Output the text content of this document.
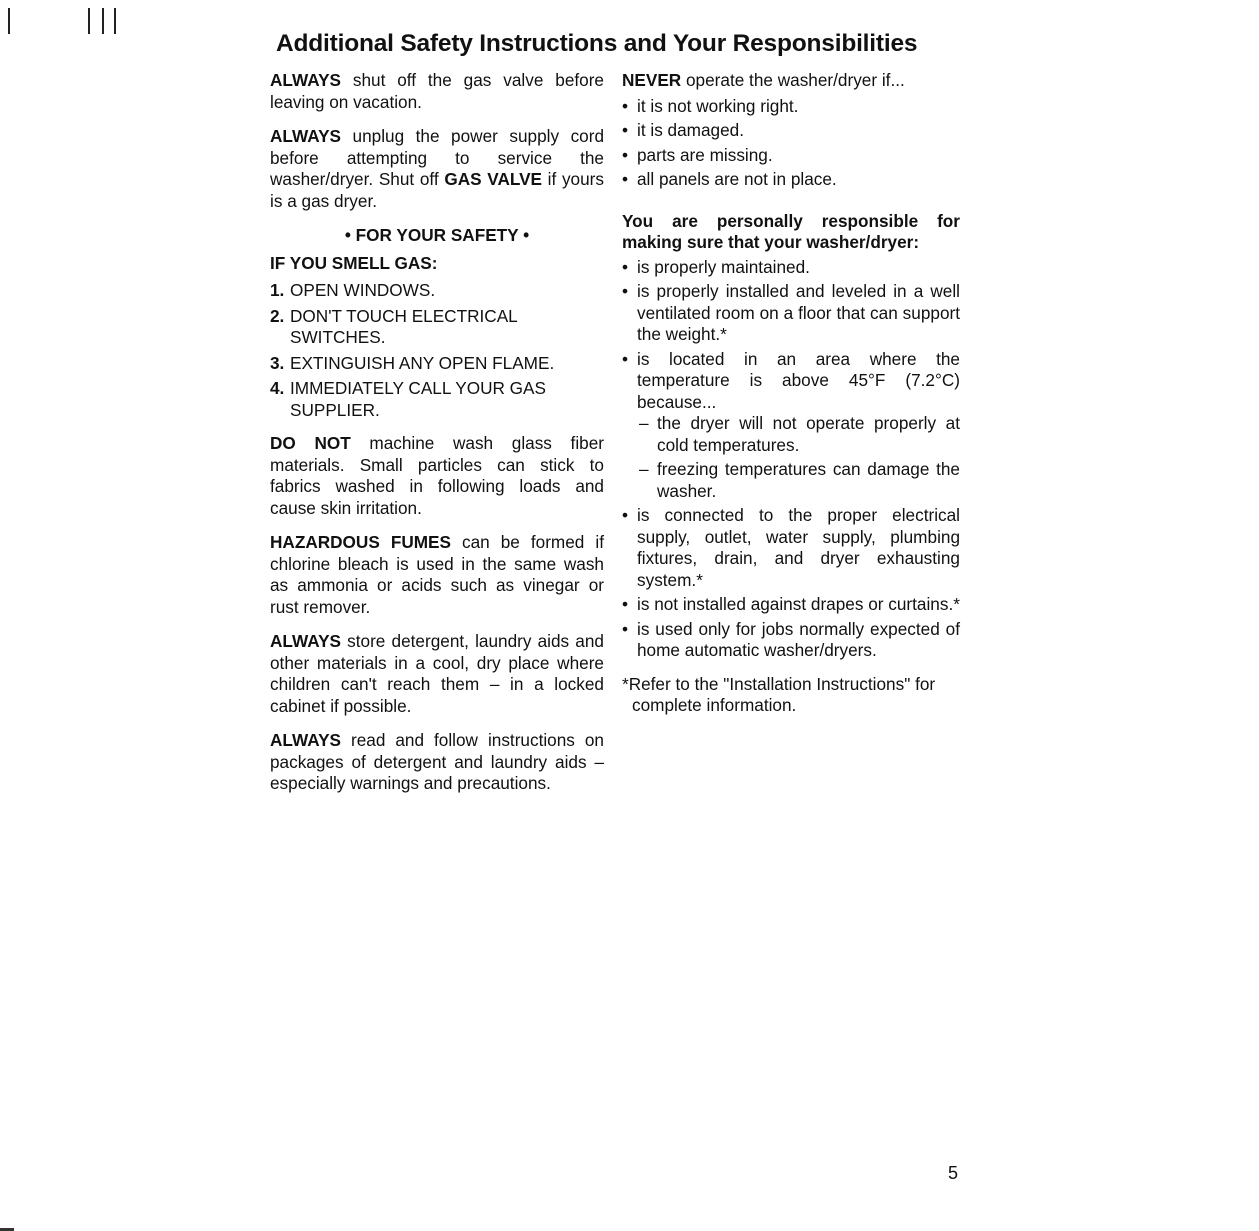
Additional Safety Instructions and Your Responsibilities

ALWAYS shut off the gas valve before leaving on vacation.

ALWAYS unplug the power supply cord before attempting to service the washer/dryer. Shut off GAS VALVE if yours is a gas dryer.

• FOR YOUR SAFETY •

IF YOU SMELL GAS:

1. OPEN WINDOWS.
2. DON'T TOUCH ELECTRICAL SWITCHES.
3. EXTINGUISH ANY OPEN FLAME.
4. IMMEDIATELY CALL YOUR GAS SUPPLIER.

DO NOT machine wash glass fiber materials. Small particles can stick to fabrics washed in following loads and cause skin irritation.

HAZARDOUS FUMES can be formed if chlorine bleach is used in the same wash as ammonia or acids such as vinegar or rust remover.

ALWAYS store detergent, laundry aids and other materials in a cool, dry place where children can't reach them – in a locked cabinet if possible.

ALWAYS read and follow instructions on packages of detergent and laundry aids – especially warnings and precautions.

NEVER operate the washer/dryer if...

• it is not working right.
• it is damaged.
• parts are missing.
• all panels are not in place.

You are personally responsible for making sure that your washer/dryer:

• is properly maintained.
• is properly installed and leveled in a well ventilated room on a floor that can support the weight.*
• is located in an area where the temperature is above 45°F (7.2°C) because...
– the dryer will not operate properly at cold temperatures.
– freezing temperatures can damage the washer.
• is connected to the proper electrical supply, outlet, water supply, plumbing fixtures, drain, and dryer exhausting system.*
• is not installed against drapes or curtains.*
• is used only for jobs normally expected of home automatic washer/dryers.

*Refer to the "Installation Instructions" for complete information.

5
